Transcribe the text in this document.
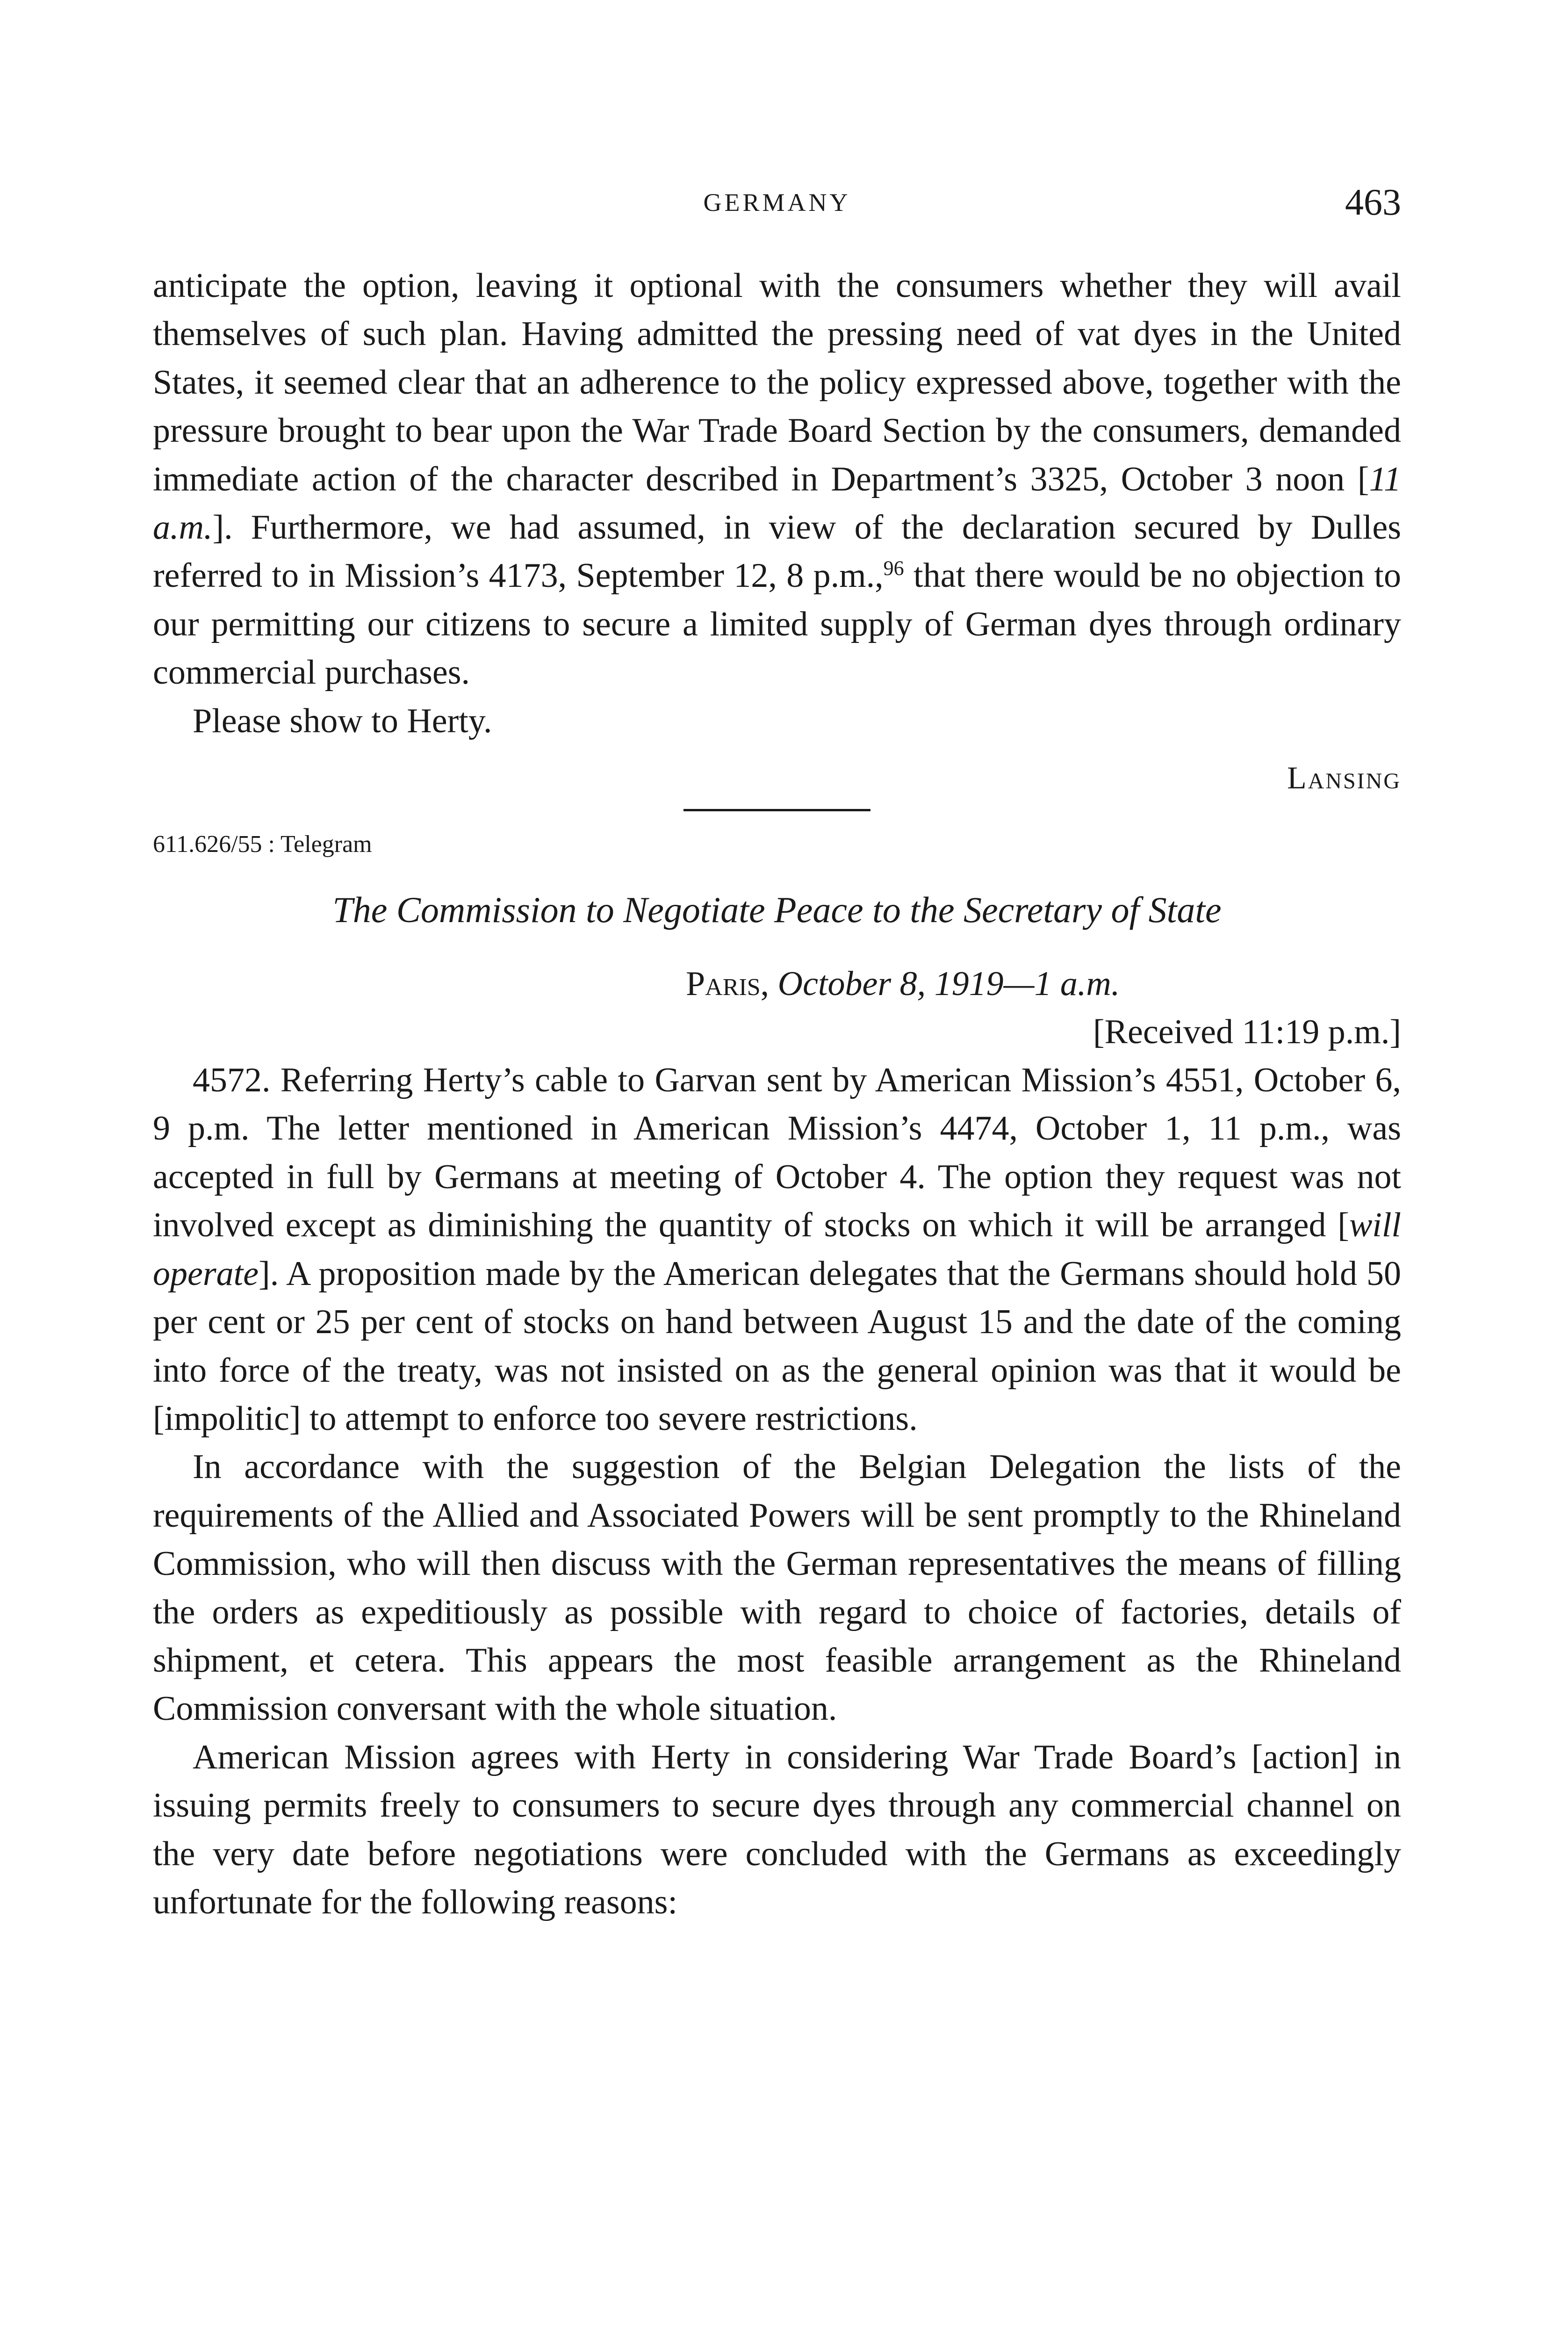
GERMANY	463

anticipate the option, leaving it optional with the consumers whether they will avail themselves of such plan. Having admitted the pressing need of vat dyes in the United States, it seemed clear that an adherence to the policy expressed above, together with the pressure brought to bear upon the War Trade Board Section by the consumers, demanded immediate action of the character described in Department’s 3325, October 3 noon [11 a.m.]. Furthermore, we had assumed, in view of the declaration secured by Dulles referred to in Mission’s 4173, September 12, 8 p.m.,$^{96}$ that there would be no objection to our permitting our citizens to secure a limited supply of German dyes through ordinary commercial purchases.

Please show to Herty.

Lansing
611.626/55 : Telegram
The Commission to Negotiate Peace to the Secretary of State
Paris, October 8, 1919—1 a.m.
[Received 11:19 p.m.]

4572. Referring Herty’s cable to Garvan sent by American Mission’s 4551, October 6, 9 p.m. The letter mentioned in American Mission’s 4474, October 1, 11 p.m., was accepted in full by Germans at meeting of October 4. The option they request was not involved except as diminishing the quantity of stocks on which it will be arranged [will operate]. A proposition made by the American delegates that the Germans should hold 50 per cent or 25 per cent of stocks on hand between August 15 and the date of the coming into force of the treaty, was not insisted on as the general opinion was that it would be [impolitic] to attempt to enforce too severe restrictions.

In accordance with the suggestion of the Belgian Delegation the lists of the requirements of the Allied and Associated Powers will be sent promptly to the Rhineland Commission, who will then discuss with the German representatives the means of filling the orders as expeditiously as possible with regard to choice of factories, details of shipment, et cetera. This appears the most feasible arrangement as the Rhineland Commission conversant with the whole situation.

American Mission agrees with Herty in considering War Trade Board’s [action] in issuing permits freely to consumers to secure dyes through any commercial channel on the very date before negotiations were concluded with the Germans as exceedingly unfortunate for the following reasons:
